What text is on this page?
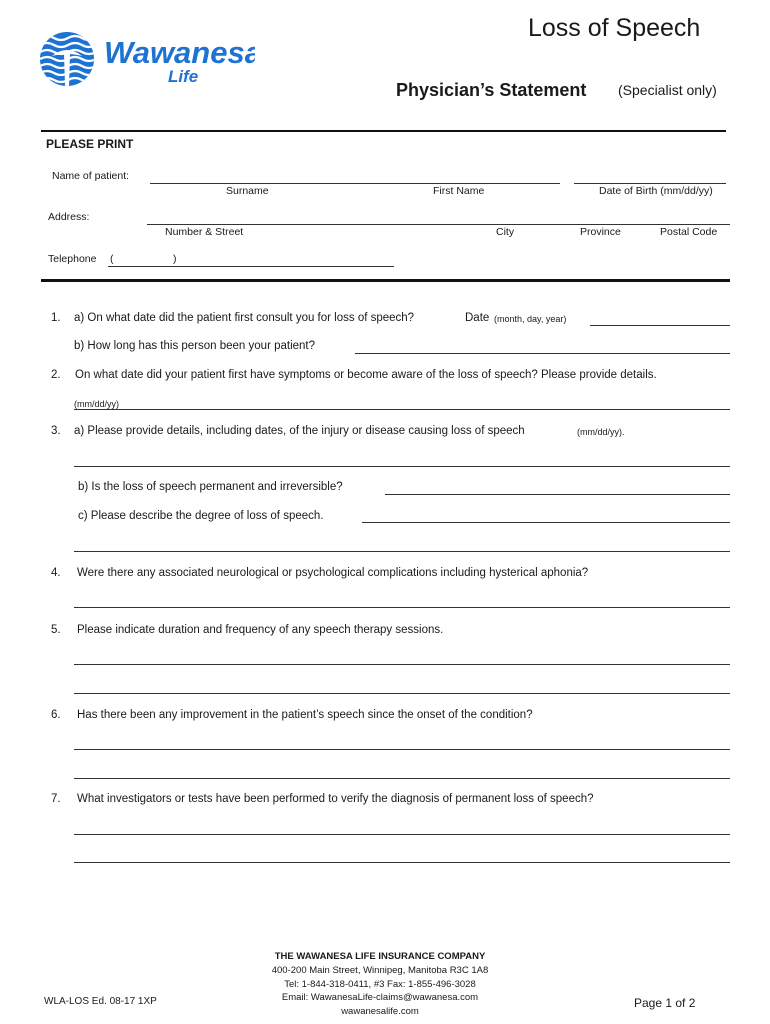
Wawanesa
Life
Loss of Speech
Physician’s Statement (Specialist only)
PLEASE PRINT
Name of patient:
Surname	First Name	Date of Birth (mm/dd/yy)
Address:
Number & Street	City	Province	Postal Code
Telephone (	)
1. a) On what date did the patient first consult you for loss of speech?	Date (month, day, year)
b) How long has this person been your patient?
2. On what date did your patient first have symptoms or become aware of the loss of speech? Please provide details.
(mm/dd/yy)
3. a) Please provide details, including dates, of the injury or disease causing loss of speech	(mm/dd/yy).
b) Is the loss of speech permanent and irreversible?
c) Please describe the degree of loss of speech.
4. Were there any associated neurological or psychological complications including hysterical aphonia?
5. Please indicate duration and frequency of any speech therapy sessions.
6. Has there been any improvement in the patient’s speech since the onset of the condition?
7. What investigators or tests have been performed to verify the diagnosis of permanent loss of speech?
THE WAWANESA LIFE INSURANCE COMPANY
400-200 Main Street, Winnipeg, Manitoba R3C 1A8
Tel: 1-844-318-0411, #3 Fax: 1-855-496-3028
Email: WawanesaLife-claims@wawanesa.com
wawanesalife.com
WLA-LOS Ed. 08-17 1XP	Page 1 of 2
